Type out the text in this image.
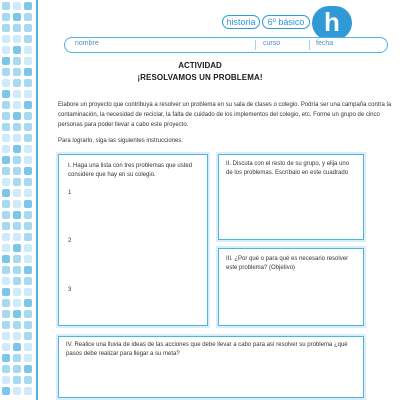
historia	6º básico h
nombre	curso	fecha
ACTIVIDAD
¡RESOLVAMOS UN PROBLEMA!

Elabore un proyecto que contribuya a resolver un problema en su sala de clases o colegio. Podría ser una campaña contra la contaminación, la necesidad de reciclar, la falta de cuidado de los implementos del colegio, etc. Forme un grupo de cinco personas para poder llevar a cabo este proyecto.

Para lograrlo, siga las siguientes instrucciones:

I. Haga una lista con tres problemas que usted considere que hay en su colegio.
1
2
3
II. Discuta con el resto de su grupo, y elija uno de los problemas. Escríbalo en este cuadrado
III. ¿Por qué o para qué es necesario resolver este problema? (Objetivo)
IV. Realice una lluvia de ideas de las acciones que debe llevar a cabo para así resolver su problema ¿qué pasos debe realizar para llegar a su meta?
